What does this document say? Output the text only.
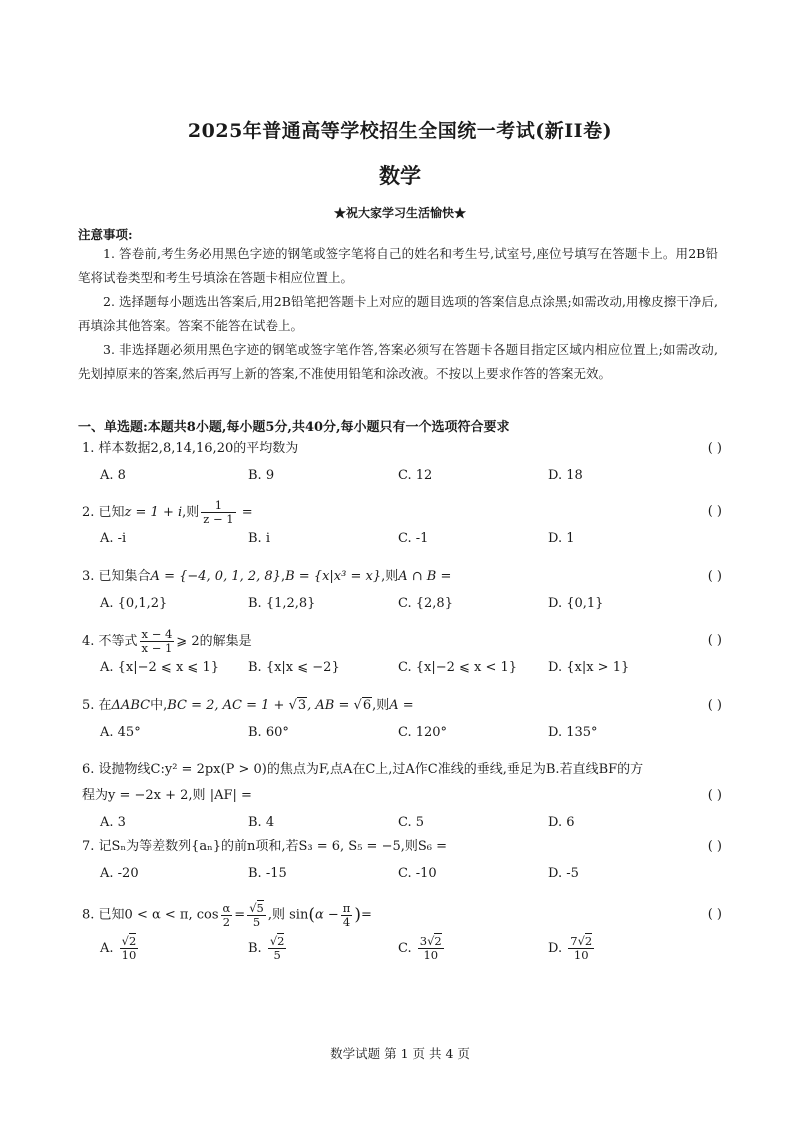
2025年普通高等学校招生全国统一考试(新II卷)
数学
★祝大家学习生活愉快★
注意事项:

1. 答卷前,考生务必用黑色字迹的钢笔或签字笔将自己的姓名和考生号,试室号,座位号填写在答题卡上。用2B铅笔将试卷类型和考生号填涂在答题卡相应位置上。

2. 选择题每小题选出答案后,用2B铅笔把答题卡上对应的题目选项的答案信息点涂黑;如需改动,用橡皮擦干净后,再填涂其他答案。答案不能答在试卷上。

3. 非选择题必须用黑色字迹的钢笔或签字笔作答,答案必须写在答题卡各题目指定区域内相应位置上;如需改动,先划掉原来的答案,然后再写上新的答案,不准使用铅笔和涂改液。不按以上要求作答的答案无效。

一、单选题:本题共8小题,每小题5分,共40分,每小题只有一个选项符合要求
1. 样本数据2,8,14,16,20的平均数为	( )
A. 8	B. 9	C. 12	D. 18
2. 已知z = 1 + i,则 $\frac{1}{z - 1}$ =	( )
A. -i	B. i	C. -1	D. 1
3. 已知集合A = {−4, 0, 1, 2, 8},B = {x|x³ = x},则A ∩ B =	( )
A. {0,1,2}	B. {1,2,8}	C. {2,8}	D. {0,1}
4. 不等式 $\frac{x - 4}{x - 1}$ ⩾ 2的解集是	( )
A. {x|−2 ⩽ x ⩽ 1} B. {x|x ⩽ −2}	C. {x|−2 ⩽ x < 1} D. {x|x > 1}
5. 在ΔABC中,BC = 2, AC = 1 + √3, AB = √6,则A =	( )
A. 45°	B. 60°	C. 120°	D. 135°
6. 设抛物线C:y² = 2px(P > 0)的焦点为F,点A在C上,过A作C准线的垂线,垂足为B.若直线BF的方
程为y = −2x + 2,则 |AF| =	( )
A. 3	B. 4	C. 5	D. 6
7. 记Sₙ为等差数列{aₙ}的前n项和,若S₃ = 6, S₅ = −5,则S₆ =	( )
A. -20	B. -15	C. -10	D. -5
8. 已知0 < α < π, $\cos \frac{\alpha}{2} = \frac{√5}{5}$ ,则 $\sin(\alpha - \frac{\pi}{4}$ )=	( )
A. $\frac{√2}{10}$	B. $\frac{√2}{5}$	C. $\frac{3√2}{10}$	D. $\frac{7√2}{10}$
数学试题 第 1 页 共 4 页
